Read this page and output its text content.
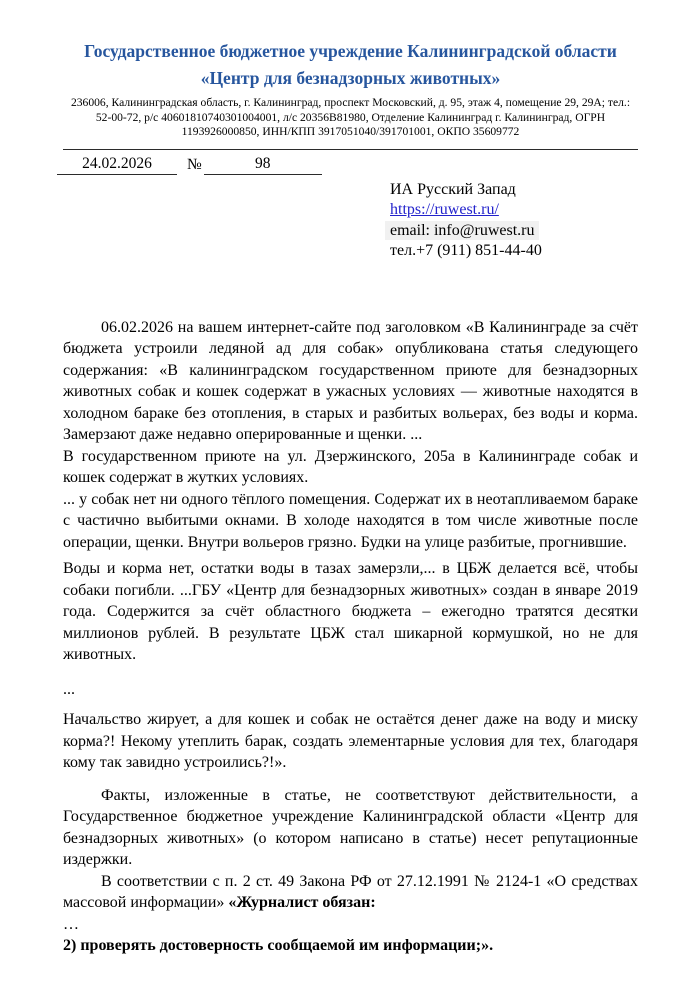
Государственное бюджетное учреждение Калининградской области
«Центр для безнадзорных животных»
236006, Калининградская область, г. Калининград, проспект Московский, д. 95, этаж 4, помещение 29, 29А; тел.: 52-00-72, р/с 40601810740301004001, л/с 20356В81980, Отделение Калининград г. Калининград, ОГРН 1193926000850, ИНН/КПП 3917051040/391701001, ОКПО 35609772
24.02.2026	№	98
ИА Русский Запад
https://ruwest.ru/
email: info@ruwest.ru
тел.+7 (911) 851-44-40

06.02.2026 на вашем интернет-сайте под заголовком «В Калининграде за счёт бюджета устроили ледяной ад для собак» опубликована статья следующего содержания: «В калининградском государственном приюте для безнадзорных животных собак и кошек содержат в ужасных условиях — животные находятся в холодном бараке без отопления, в старых и разбитых вольерах, без воды и корма. Замерзают даже недавно оперированные и щенки. ...

В государственном приюте на ул. Дзержинского, 205а в Калининграде собак и кошек содержат в жутких условиях.

... у собак нет ни одного тёплого помещения. Содержат их в неотапливаемом бараке с частично выбитыми окнами. В холоде находятся в том числе животные после операции, щенки. Внутри вольеров грязно. Будки на улице разбитые, прогнившие.

Воды и корма нет, остатки воды в тазах замерзли,... в ЦБЖ делается всё, чтобы собаки погибли. ...ГБУ «Центр для безнадзорных животных» создан в январе 2019 года. Содержится за счёт областного бюджета – ежегодно тратятся десятки миллионов рублей. В результате ЦБЖ стал шикарной кормушкой, но не для животных.

...

Начальство жирует, а для кошек и собак не остаётся денег даже на воду и миску корма?! Некому утеплить барак, создать элементарные условия для тех, благодаря кому так завидно устроились?!».

Факты, изложенные в статье, не соответствуют действительности, а Государственное бюджетное учреждение Калининградской области «Центр для безнадзорных животных» (о котором написано в статье) несет репутационные издержки.

В соответствии с п. 2 ст. 49 Закона РФ от 27.12.1991 № 2124-1 «О средствах массовой информации» «Журналист обязан:

…

2) проверять достоверность сообщаемой им информации;».
